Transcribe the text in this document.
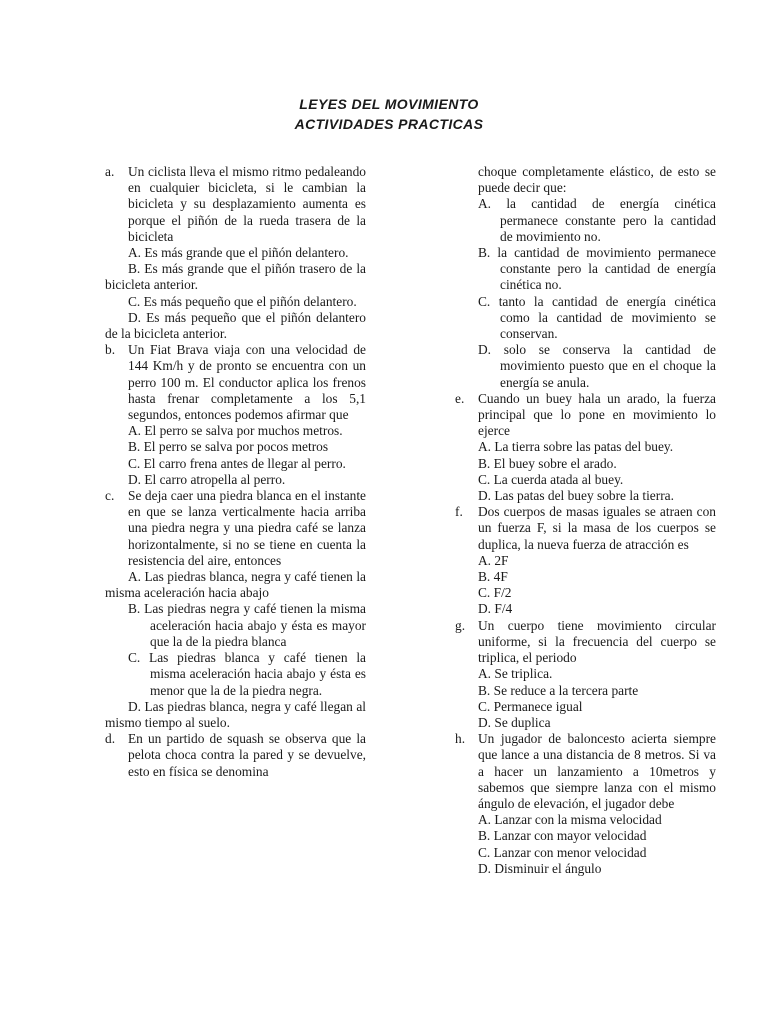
LEYES DEL MOVIMIENTO
ACTIVIDADES PRACTICAS
a. Un ciclista lleva el mismo ritmo pedaleando en cualquier bicicleta, si le cambian la bicicleta y su desplazamiento aumenta es porque el piñón de la rueda trasera de la bicicleta
A. Es más grande que el piñón delantero.
B. Es más grande que el piñón trasero de la bicicleta anterior.
C. Es más pequeño que el piñón delantero.
D. Es más pequeño que el piñón delantero de la bicicleta anterior.
b. Un Fiat Brava viaja con una velocidad de 144 Km/h y de pronto se encuentra con un perro 100 m. El conductor aplica los frenos hasta frenar completamente a los 5,1 segundos, entonces podemos afirmar que
A. El perro se salva por muchos metros.
B. El perro se salva por pocos metros
C. El carro frena antes de llegar al perro.
D. El carro atropella al perro.
c. Se deja caer una piedra blanca en el instante en que se lanza verticalmente hacia arriba una piedra negra y una piedra café se lanza horizontalmente, si no se tiene en cuenta la resistencia del aire, entonces
A. Las piedras blanca, negra y café tienen la misma aceleración hacia abajo
B. Las piedras negra y café tienen la misma aceleración hacia abajo y ésta es mayor que la de la piedra blanca
C. Las piedras blanca y café tienen la misma aceleración hacia abajo y ésta es menor que la de la piedra negra.
D. Las piedras blanca, negra y café llegan al mismo tiempo al suelo.
d. En un partido de squash se observa que la pelota choca contra la pared y se devuelve, esto en física se denomina
choque completamente elástico, de esto se puede decir que:
A. la cantidad de energía cinética permanece constante pero la cantidad de movimiento no.
B. la cantidad de movimiento permanece constante pero la cantidad de energía cinética no.
C. tanto la cantidad de energía cinética como la cantidad de movimiento se conservan.
D. solo se conserva la cantidad de movimiento puesto que en el choque la energía se anula.
e. Cuando un buey hala un arado, la fuerza principal que lo pone en movimiento lo ejerce
A. La tierra sobre las patas del buey.
B. El buey sobre el arado.
C. La cuerda atada al buey.
D. Las patas del buey sobre la tierra.
f. Dos cuerpos de masas iguales se atraen con un fuerza F, si la masa de los cuerpos se duplica, la nueva fuerza de atracción es
A. 2F
B. 4F
C. F/2
D. F/4
g. Un cuerpo tiene movimiento circular uniforme, si la frecuencia del cuerpo se triplica, el periodo
A. Se triplica.
B. Se reduce a la tercera parte
C. Permanece igual
D. Se duplica
h. Un jugador de baloncesto acierta siempre que lance a una distancia de 8 metros. Si va a hacer un lanzamiento a 10metros y sabemos que siempre lanza con el mismo ángulo de elevación, el jugador debe
A. Lanzar con la misma velocidad
B. Lanzar con mayor velocidad
C. Lanzar con menor velocidad
D. Disminuir el ángulo
